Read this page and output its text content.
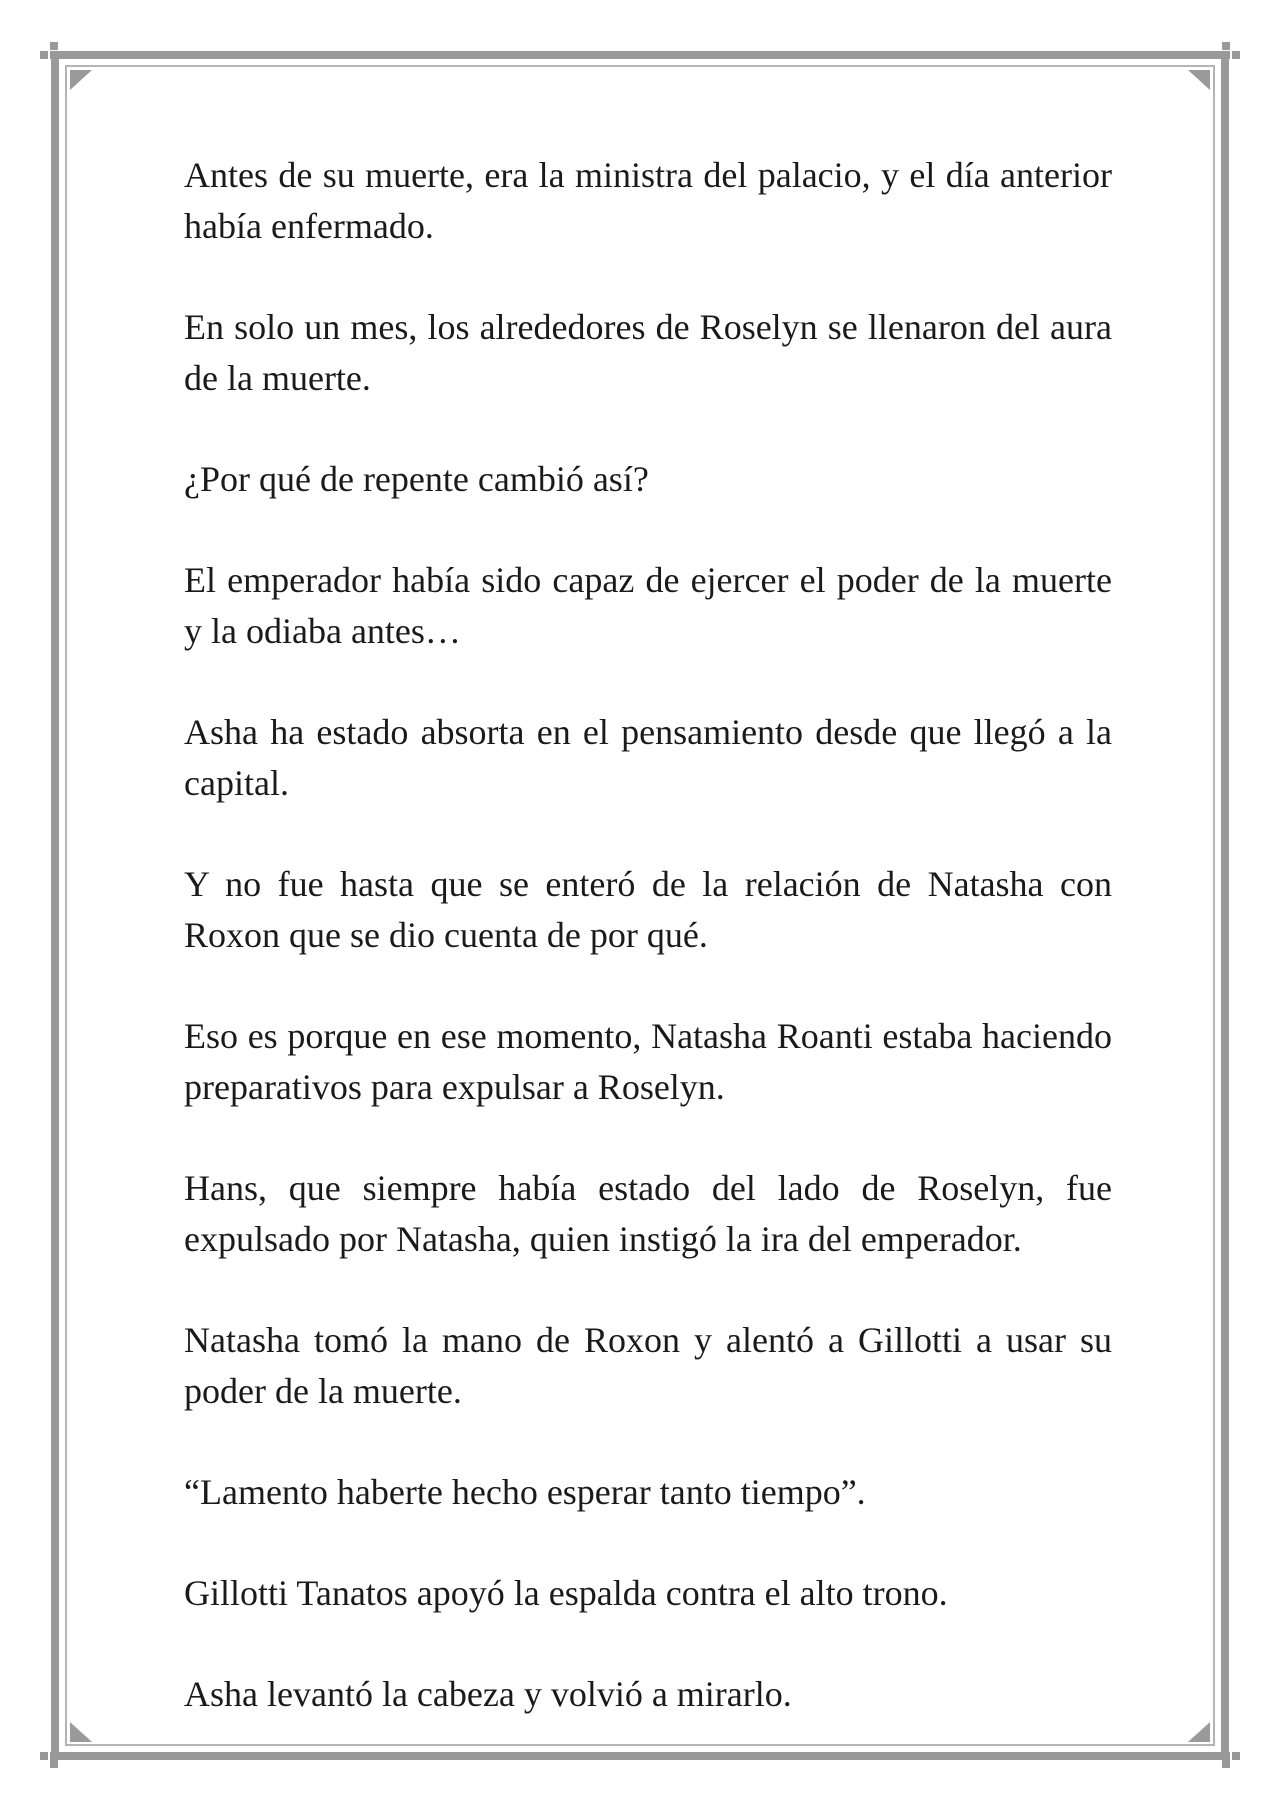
Antes de su muerte, era la ministra del palacio, y el día anterior había enfermado.

En solo un mes, los alrededores de Roselyn se llenaron del aura de la muerte.

¿Por qué de repente cambió así?

El emperador había sido capaz de ejercer el poder de la muerte y la odiaba antes…

Asha ha estado absorta en el pensamiento desde que llegó a la capital.

Y no fue hasta que se enteró de la relación de Natasha con Roxon que se dio cuenta de por qué.

Eso es porque en ese momento, Natasha Roanti estaba haciendo preparativos para expulsar a Roselyn.

Hans, que siempre había estado del lado de Roselyn, fue expulsado por Natasha, quien instigó la ira del emperador.

Natasha tomó la mano de Roxon y alentó a Gillotti a usar su poder de la muerte.

“Lamento haberte hecho esperar tanto tiempo”.

Gillotti Tanatos apoyó la espalda contra el alto trono.

Asha levantó la cabeza y volvió a mirarlo.
